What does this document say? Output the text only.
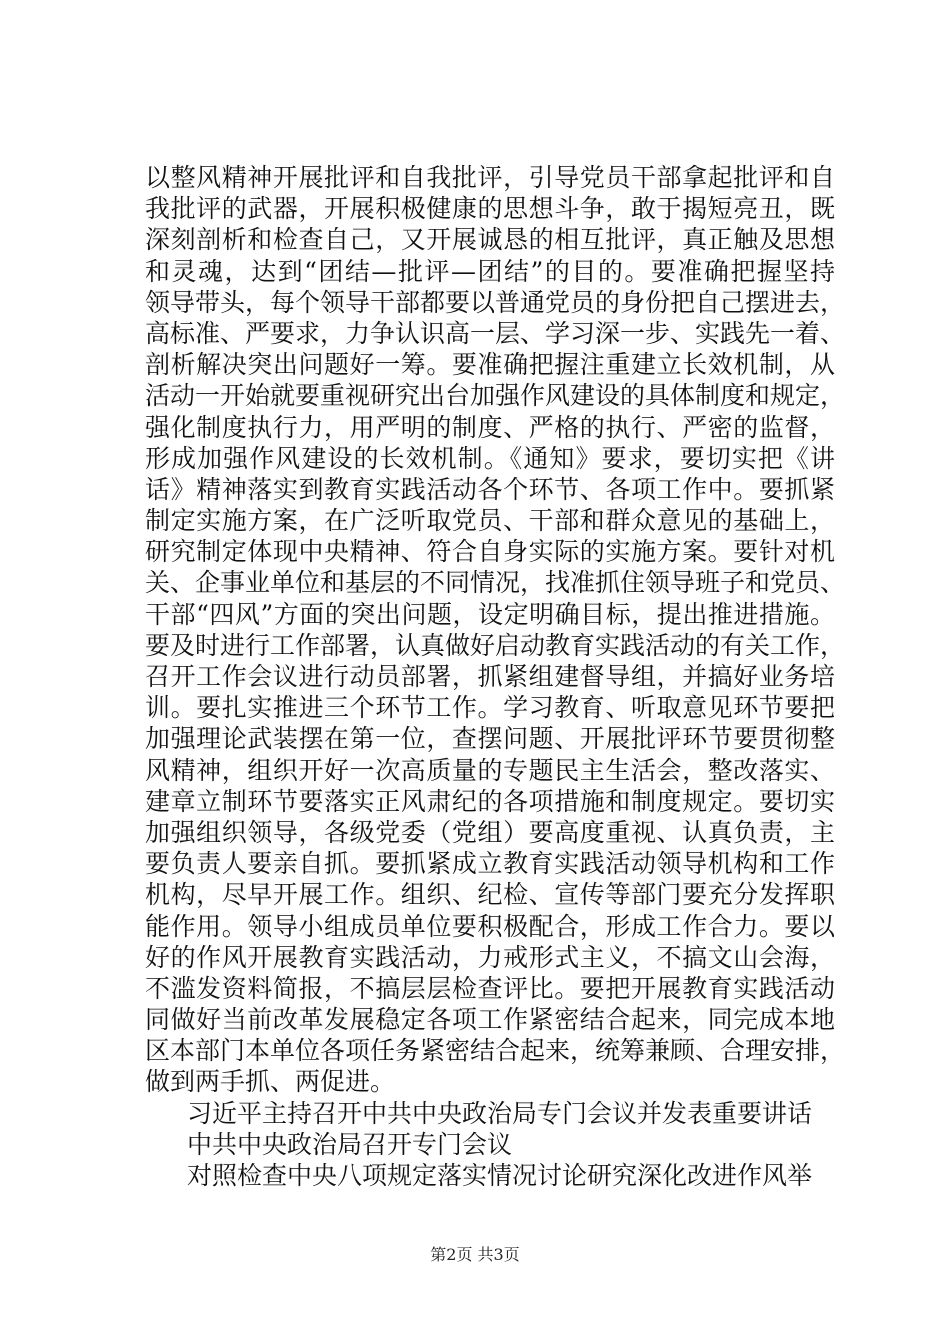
以整风精神开展批评和自我批评，引导党员干部拿起批评和自
我批评的武器，开展积极健康的思想斗争，敢于揭短亮丑，既
深刻剖析和检查自己，又开展诚恳的相互批评，真正触及思想
和灵魂，达到“团结—批评—团结”的目的。要准确把握坚持
领导带头，每个领导干部都要以普通党员的身份把自己摆进去，
高标准、严要求，力争认识高一层、学习深一步、实践先一着、
剖析解决突出问题好一筹。要准确把握注重建立长效机制，从
活动一开始就要重视研究出台加强作风建设的具体制度和规定，
强化制度执行力，用严明的制度、严格的执行、严密的监督，
形成加强作风建设的长效机制。《通知》要求，要切实把《讲
话》精神落实到教育实践活动各个环节、各项工作中。要抓紧
制定实施方案，在广泛听取党员、干部和群众意见的基础上，
研究制定体现中央精神、符合自身实际的实施方案。要针对机
关、企事业单位和基层的不同情况，找准抓住领导班子和党员、
干部“四风”方面的突出问题，设定明确目标，提出推进措施。
要及时进行工作部署，认真做好启动教育实践活动的有关工作，
召开工作会议进行动员部署，抓紧组建督导组，并搞好业务培
训。要扎实推进三个环节工作。学习教育、听取意见环节要把
加强理论武装摆在第一位，查摆问题、开展批评环节要贯彻整
风精神，组织开好一次高质量的专题民主生活会，整改落实、
建章立制环节要落实正风肃纪的各项措施和制度规定。要切实
加强组织领导，各级党委（党组）要高度重视、认真负责，主
要负责人要亲自抓。要抓紧成立教育实践活动领导机构和工作
机构，尽早开展工作。组织、纪检、宣传等部门要充分发挥职
能作用。领导小组成员单位要积极配合，形成工作合力。要以
好的作风开展教育实践活动，力戒形式主义，不搞文山会海，
不滥发资料简报，不搞层层检查评比。要把开展教育实践活动
同做好当前改革发展稳定各项工作紧密结合起来，同完成本地
区本部门本单位各项任务紧密结合起来，统筹兼顾、合理安排，
做到两手抓、两促进。
习近平主持召开中共中央政治局专门会议并发表重要讲话
中共中央政治局召开专门会议
对照检查中央八项规定落实情况讨论研究深化改进作风举
第2页 共3页
